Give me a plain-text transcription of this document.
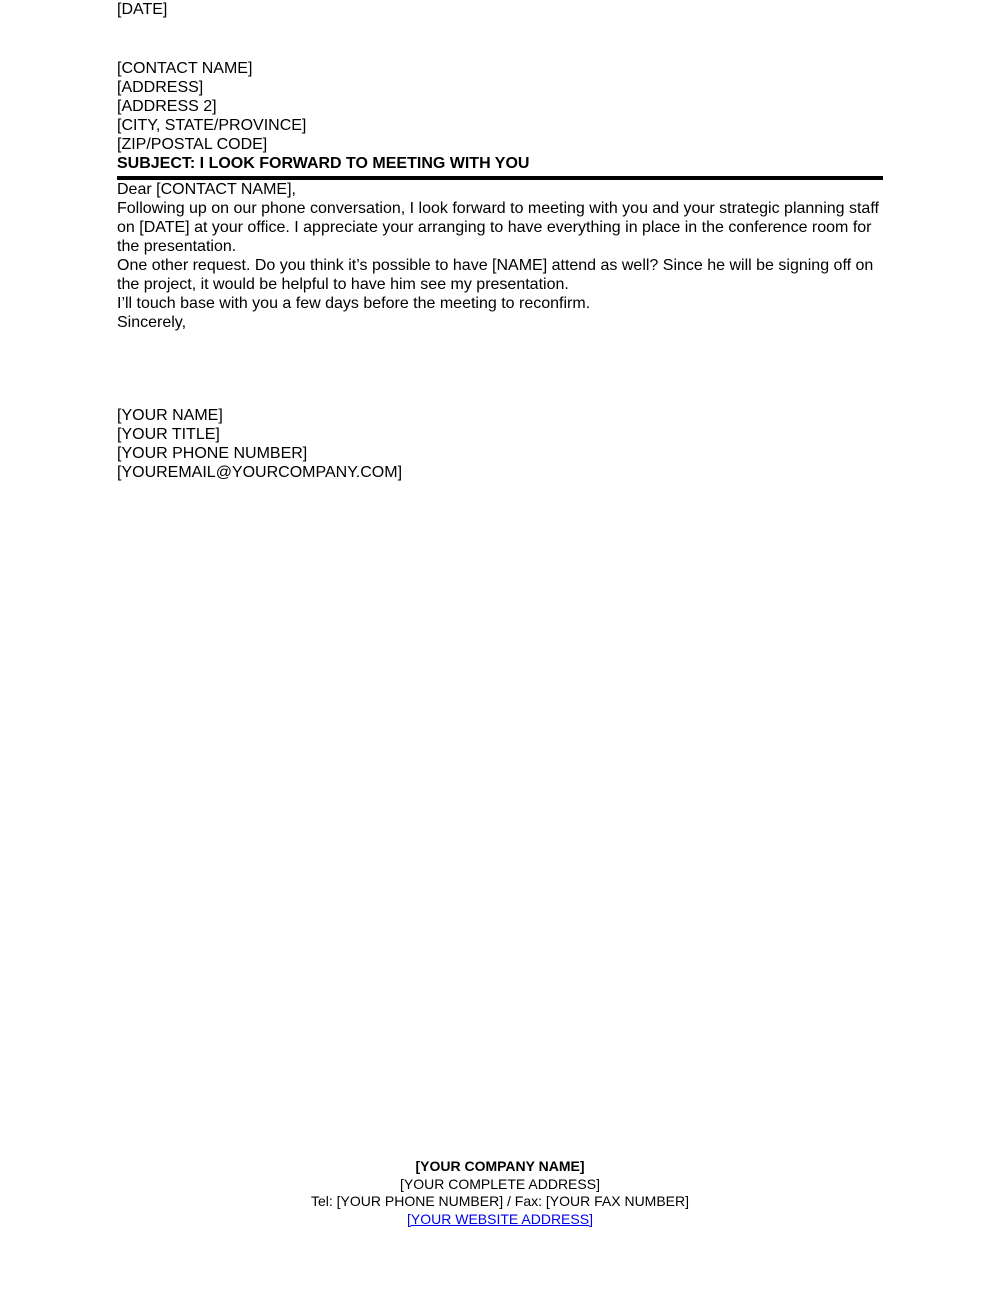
[DATE]

[CONTACT NAME]

[ADDRESS]

[ADDRESS 2]

[CITY, STATE/PROVINCE]

[ZIP/POSTAL CODE]

SUBJECT: I LOOK FORWARD TO MEETING WITH YOU

Dear [CONTACT NAME],

Following up on our phone conversation, I look forward to meeting with you and your strategic planning staff on [DATE] at your office. I appreciate your arranging to have everything in place in the conference room for the presentation.

One other request. Do you think it’s possible to have [NAME] attend as well? Since he will be signing off on the project, it would be helpful to have him see my presentation.

I’ll touch base with you a few days before the meeting to reconfirm.

Sincerely,

[YOUR NAME]

[YOUR TITLE]

[YOUR PHONE NUMBER]

[YOUREMAIL@YOURCOMPANY.COM]

[YOUR COMPANY NAME]

[YOUR COMPLETE ADDRESS]

Tel: [YOUR PHONE NUMBER] / Fax: [YOUR FAX NUMBER]

[YOUR WEBSITE ADDRESS]
